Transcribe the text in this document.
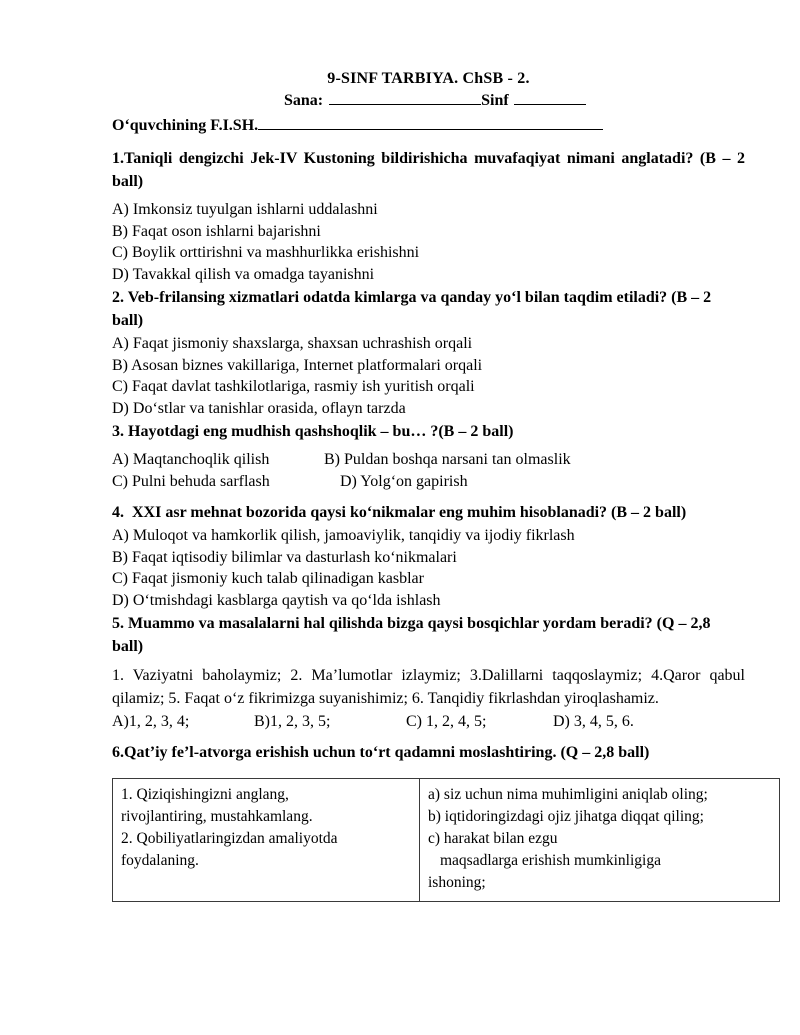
9-SINF TARBIYA. ChSB - 2.
Sana:	Sinf
O‘quvchining F.I.SH.
1.Taniqli dengizchi Jek-IV Kustoning bildirishicha muvafaqiyat nimani anglatadi? (B – 2 ball)
A) Imkonsiz tuyulgan ishlarni uddalashni
B) Faqat oson ishlarni bajarishni
C) Boylik orttirishni va mashhurlikka erishishni
D) Tavakkal qilish va omadga tayanishni
2. Veb-frilansing xizmatlari odatda kimlarga va qanday yo‘l bilan taqdim etiladi? (B – 2 ball)
A) Faqat jismoniy shaxslarga, shaxsan uchrashish orqali
B) Asosan biznes vakillariga, Internet platformalari orqali
C) Faqat davlat tashkilotlariga, rasmiy ish yuritish orqali
D) Do‘stlar va tanishlar orasida, oflayn tarzda
3. Hayotdagi eng mudhish qashshoqlik – bu… ?(B – 2 ball)
A) Maqtanchoqlik qilish	B) Puldan boshqa narsani tan olmaslik
C) Pulni behuda sarflash	D) Yolg‘on gapirish
4. XXI asr mehnat bozorida qaysi ko‘nikmalar eng muhim hisoblanadi? (B – 2 ball)
A) Muloqot va hamkorlik qilish, jamoaviylik, tanqidiy va ijodiy fikrlash
B) Faqat iqtisodiy bilimlar va dasturlash ko‘nikmalari
C) Faqat jismoniy kuch talab qilinadigan kasblar
D) O‘tmishdagi kasblarga qaytish va qo‘lda ishlash
5. Muammo va masalalarni hal qilishda bizga qaysi bosqichlar yordam beradi? (Q – 2,8 ball)
1. Vaziyatni baholaymiz; 2. Ma’lumotlar izlaymiz; 3.Dalillarni taqqoslaymiz; 4.Qaror qabul qilamiz; 5. Faqat o‘z fikrimizga suyanishimiz; 6. Tanqidiy fikrlashdan yiroqlashamiz.
A)1, 2, 3, 4;	B)1, 2, 3, 5;	C) 1, 2, 4, 5;	D) 3, 4, 5, 6.
6.Qat’iy fe’l-atvorga erishish uchun to‘rt qadamni moslashtiring. (Q – 2,8 ball)
1. Qiziqishingizni anglang,
rivojlantiring, mustahkamlang.
2. Qobiliyatlaringizdan amaliyotda
foydalaning.

a) siz uchun nima muhimligini aniqlab oling;
b) iqtidoringizdagi ojiz jihatga diqqat qiling;
c) harakat bilan ezgu
maqsadlarga erishish mumkinligiga
ishoning;
